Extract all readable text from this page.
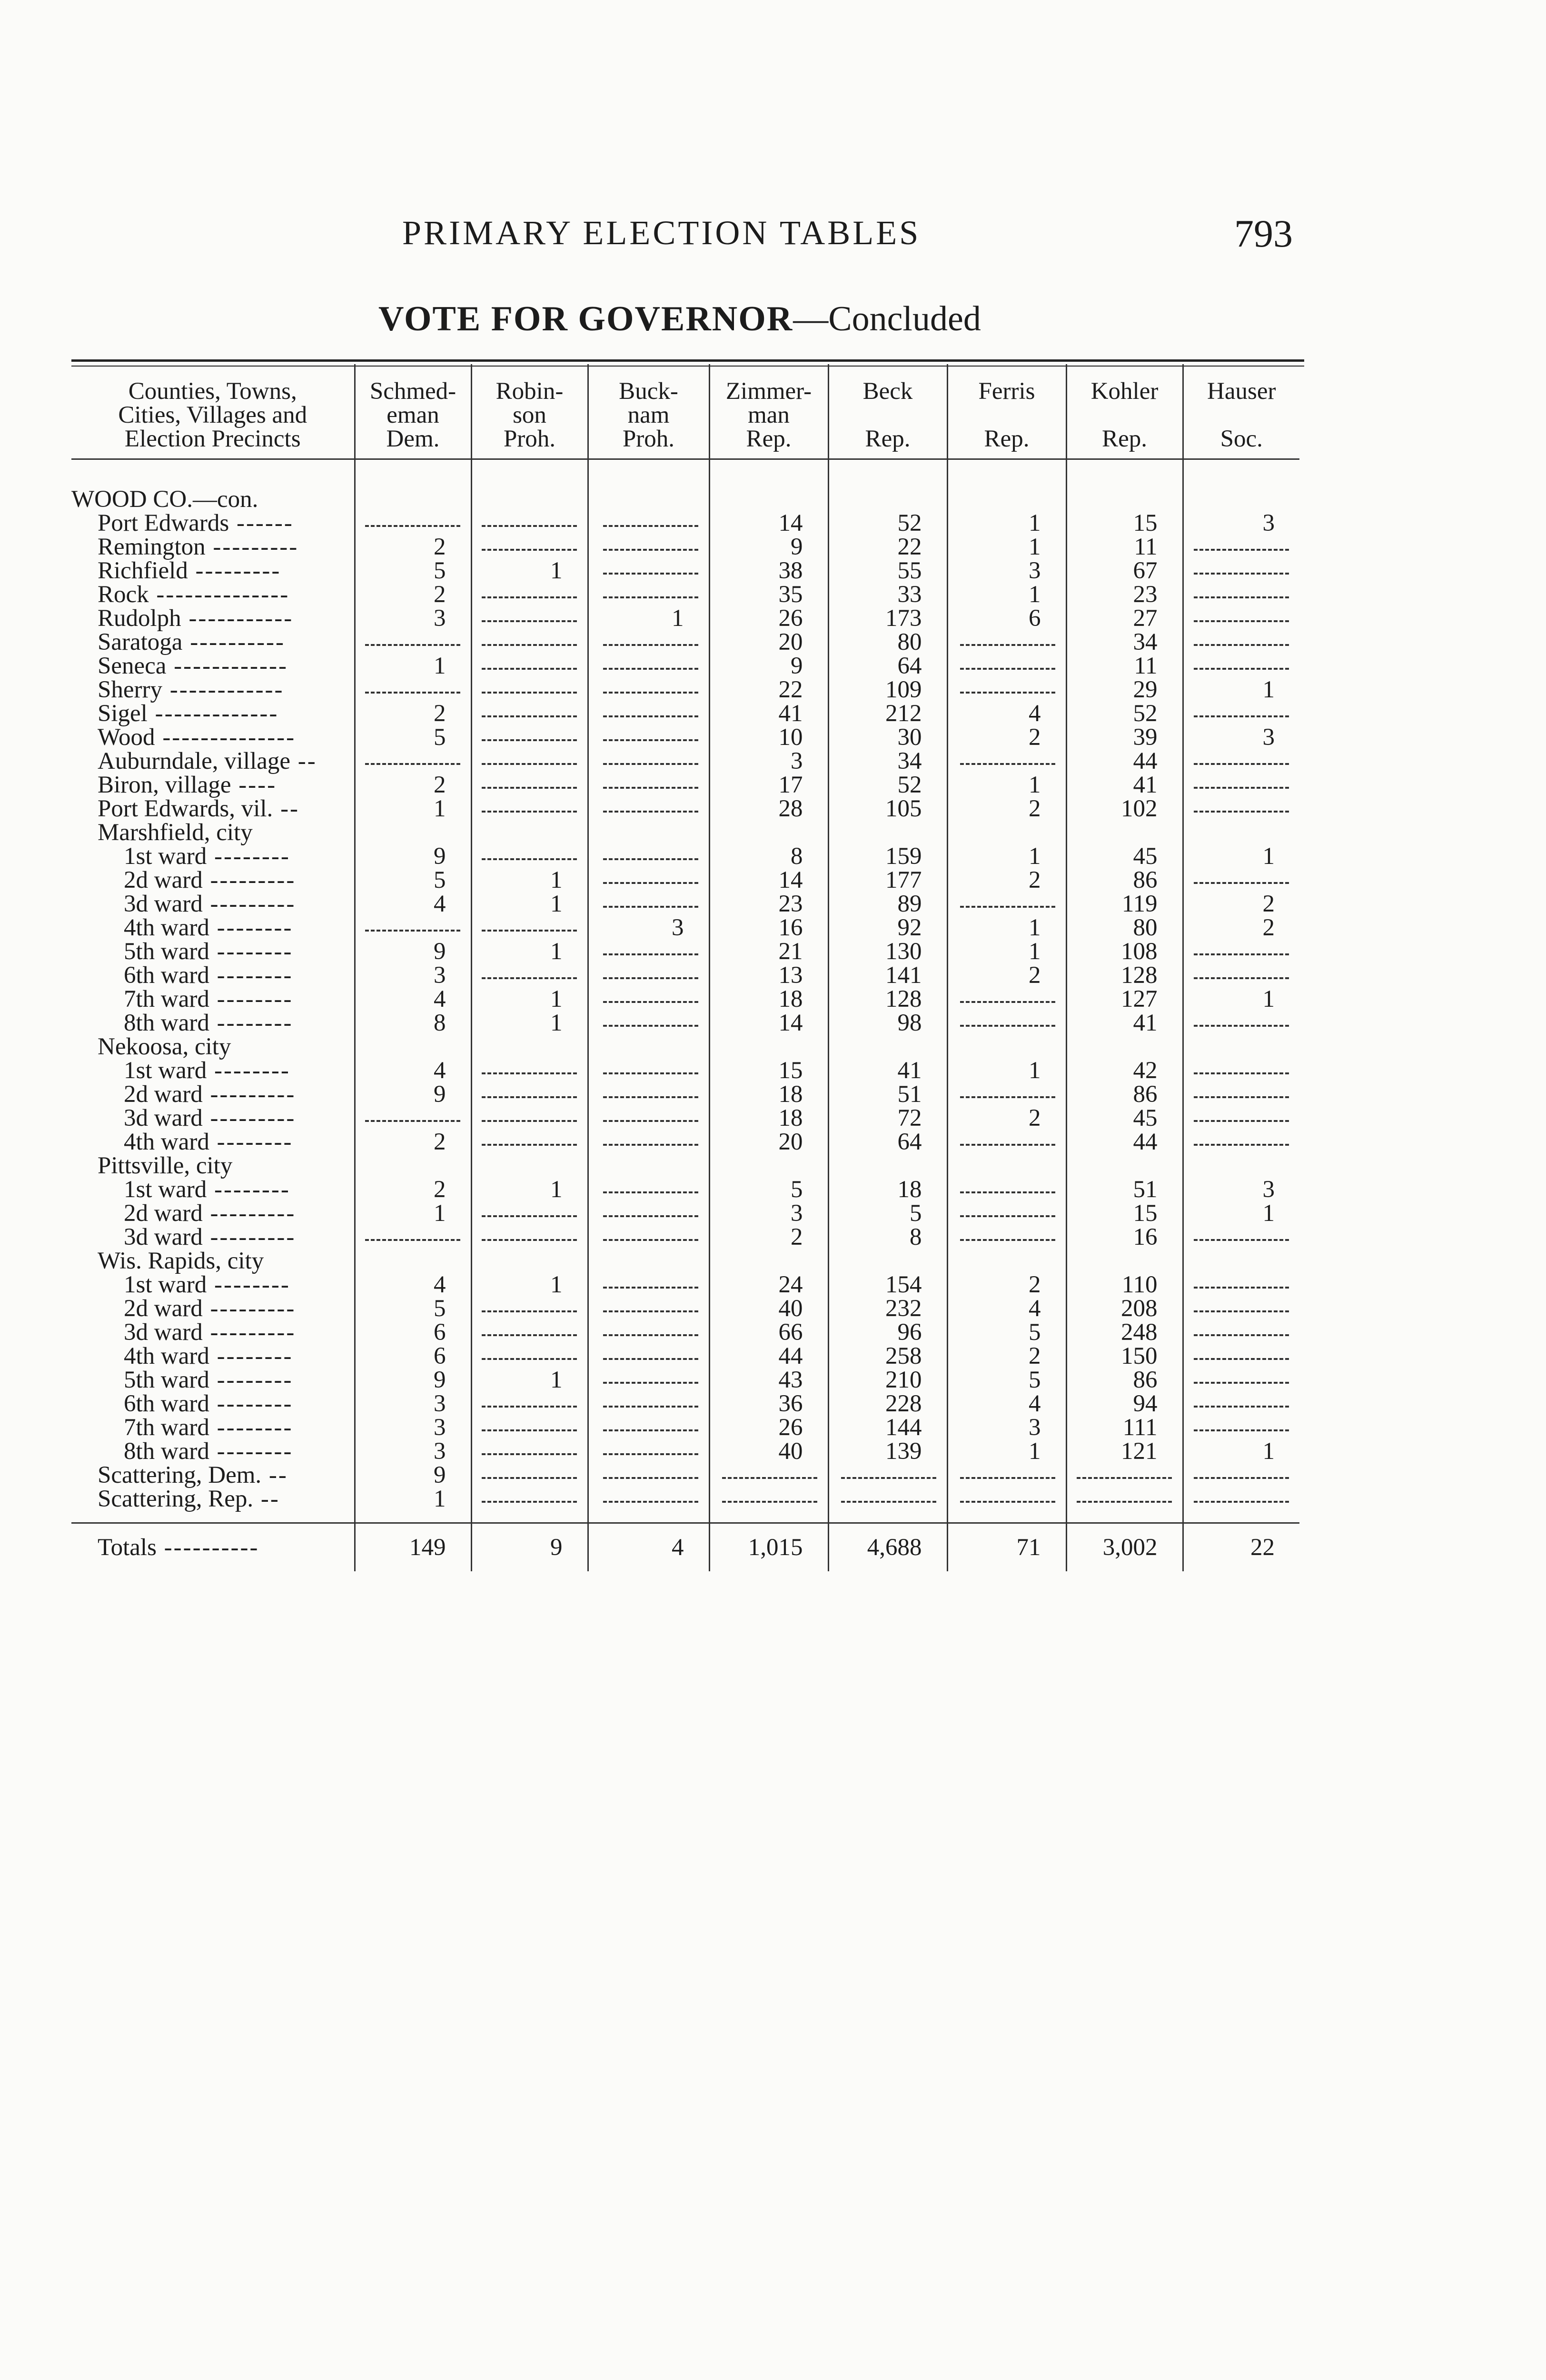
PRIMARY ELECTION TABLES	793
VOTE FOR GOVERNOR—Concluded
Counties, Towns,
Cities, Villages and
Election Precincts	Schmed-
eman
Dem.	Robin-
son
Proh.	Buck-
nam
Proh.	Zimmer-
man
Rep.	Beck
Rep.	Ferris
Rep.	Kohler
Rep.	Hauser
Soc.

WOOD CO.—con.								
Port Edwards ------				14	52	1	15	3
Remington ---------	2			9	22	1	11	
Richfield ---------	5	1		38	55	3	67	
Rock --------------	2			35	33	1	23	
Rudolph -----------	3		1	26	173	6	27	
Saratoga ----------				20	80		34	
Seneca ------------	1			9	64		11	
Sherry ------------				22	109		29	1
Sigel -------------	2			41	212	4	52	
Wood --------------	5			10	30	2	39	3
Auburndale, village --				3	34		44	
Biron, village ----	2			17	52	1	41	
Port Edwards, vil. --	1			28	105	2	102	
Marshfield, city								
1st ward --------	9			8	159	1	45	1
2d ward ---------	5	1		14	177	2	86	
3d ward ---------	4	1		23	89		119	2
4th ward --------			3	16	92	1	80	2
5th ward --------	9	1		21	130	1	108	
6th ward --------	3			13	141	2	128	
7th ward --------	4	1		18	128		127	1
8th ward --------	8	1		14	98		41	
Nekoosa, city								
1st ward --------	4			15	41	1	42	
2d ward ---------	9			18	51		86	
3d ward ---------				18	72	2	45	
4th ward --------	2			20	64		44	
Pittsville, city								
1st ward --------	2	1		5	18		51	3
2d ward ---------	1			3	5		15	1
3d ward ---------				2	8		16	
Wis. Rapids, city								
1st ward --------	4	1		24	154	2	110	
2d ward ---------	5			40	232	4	208	
3d ward ---------	6			66	96	5	248	
4th ward --------	6			44	258	2	150	
5th ward --------	9	1		43	210	5	86	
6th ward --------	3			36	228	4	94	
7th ward --------	3			26	144	3	111	
8th ward --------	3			40	139	1	121	1
Scattering, Dem. --	9							
Scattering, Rep. --	1							

Totals ----------	149	9	4	1,015	4,688	71	3,002	22
